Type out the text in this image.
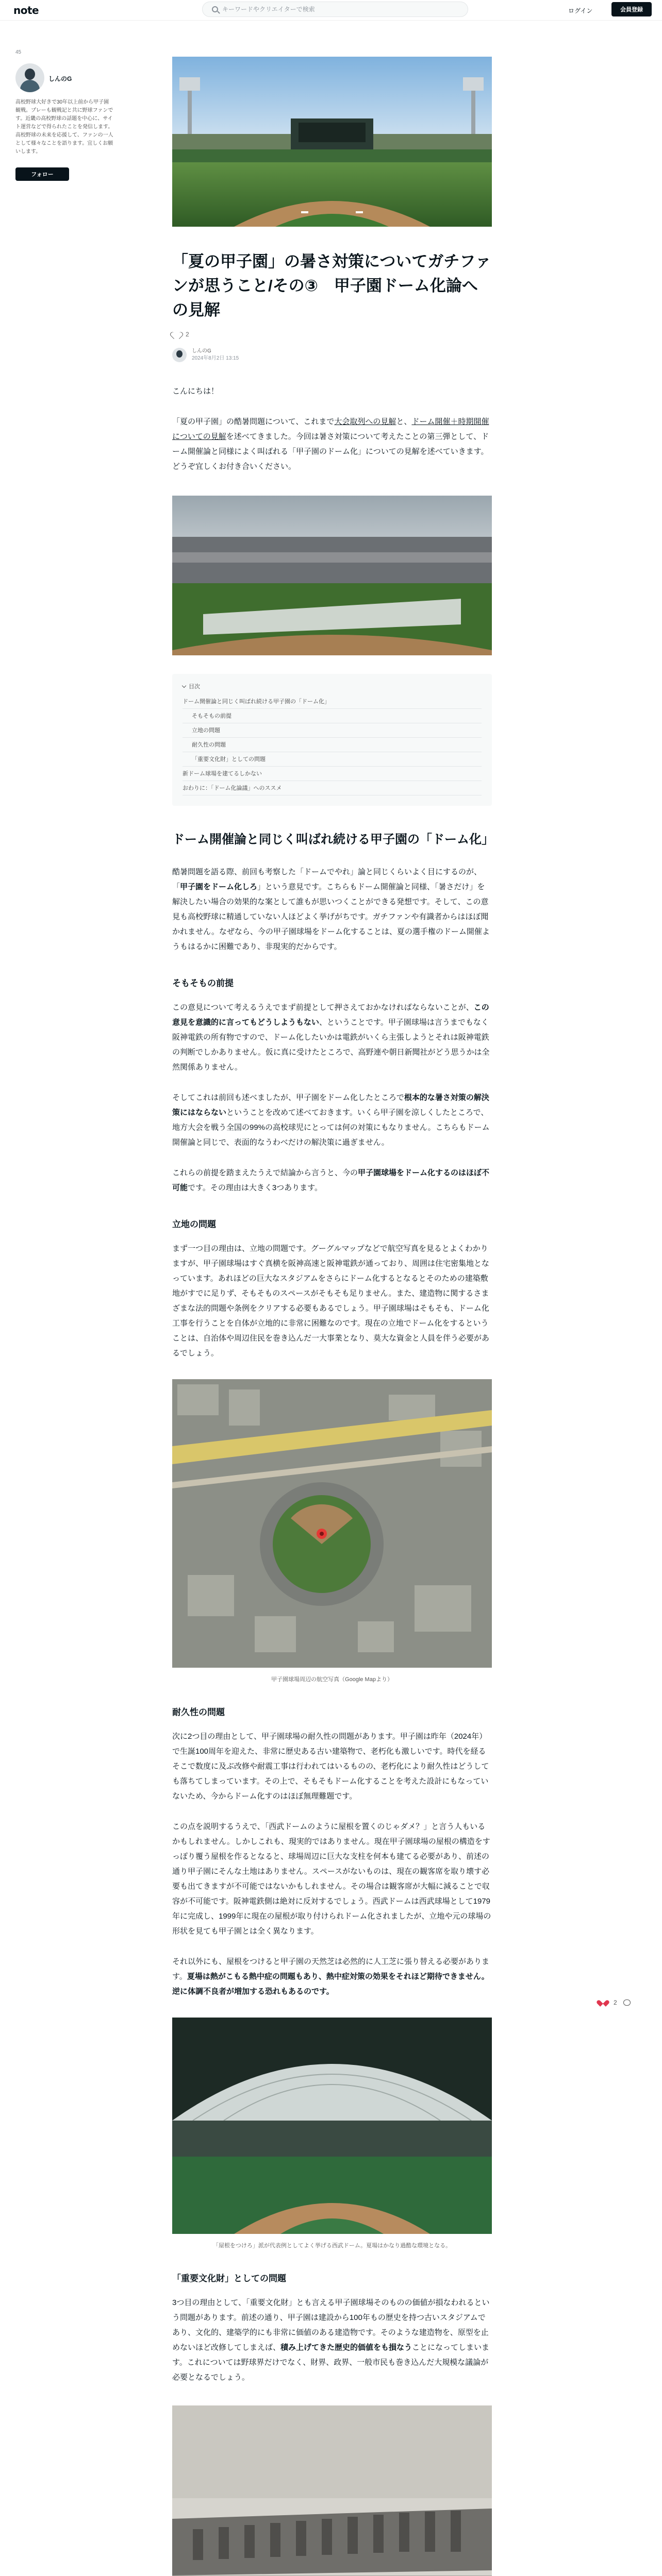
note
キーワードやクリエイターで検索	ログイン	会員登録
45
しんのG
高校野球大好きで30年以上前から甲子園観戦。プレーも観戦記と共に野球ファンです。近畿の高校野球の話題を中心に、サイト運営などで得られたことを発信します。高校野球の未来を応援して、ファンの一人として様々なことを語ります。宜しくお願いします。
フォロー
「夏の甲子園」の暑さ対策についてガチファンが思うこと/その③　甲子園ドーム化論への見解
2
しんのG
2024年8月2日 13:15

こんにちは！

「夏の甲子園」の酷暑問題について、これまで大会取列への見解と、ドーム開催＋時期開催についての見解を述べてきました。今回は暑さ対策について考えたことの第三弾として、ドーム開催論と同様によく叫ばれる「甲子園のドーム化」についての見解を述べていきます。どうぞ宜しくお付き合いください。

目次
ドーム開催論と同じく叫ばれ続ける甲子園の「ドーム化」
そもそもの前提
立地の問題
耐久性の問題
「重要文化財」としての問題
新ドーム球場を建てるしかない
おわりに：「ドーム化論議」へのススメ
ドーム開催論と同じく叫ばれ続ける甲子園の「ドーム化」

酷暑問題を語る際、前回も考察した「ドームでやれ」論と同じくらいよく目にするのが、「甲子園をドーム化しろ」という意見です。こちらもドーム開催論と同様、「暑さだけ」を解決したい場合の効果的な案として誰もが思いつくことができる発想です。そして、この意見も高校野球に精通していない人ほどよく挙げがちです。ガチファンや有識者からはほぼ聞かれません。なぜなら、今の甲子園球場をドーム化することは、夏の選手権のドーム開催ようもはるかに困難であり、非現実的だからです。

そもそもの前提

この意見について考えるうえでまず前提として押さえておかなければならないことが、この意見を意識的に言ってもどうしようもない、ということです。甲子園球場は言うまでもなく阪神電鉄の所有物ですので、ドーム化したいかは電鉄がいくら主張しようとそれは阪神電鉄の判断でしかありません。仮に真に受けたところで、高野連や朝日新聞社がどう思うかは全然関係ありません。

そしてこれは前回も述べましたが、甲子園をドーム化したところで根本的な暑さ対策の解決策にはならないということを改めて述べておきます。いくら甲子園を涼しくしたところで、地方大会を戦う全国の99%の高校球児にとっては何の対策にもなりません。こちらもドーム開催論と同じで、表面的なうわべだけの解決策に過ぎません。

これらの前提を踏まえたうえで結論から言うと、今の甲子園球場をドーム化するのはほぼ不可能です。その理由は大きく3つあります。

立地の問題

まず一つ目の理由は、立地の問題です。グーグルマップなどで航空写真を見るとよくわかりますが、甲子園球場はすぐ真横を阪神高速と阪神電鉄が通っており、周囲は住宅密集地となっています。あれほどの巨大なスタジアムをさらにドーム化するとなるとそのための建築敷地がすでに足りず、そもそものスペースがそもそも足りません。また、建造物に関するさまざまな法的問題や条例をクリアする必要もあるでしょう。甲子園球場はそもそも、ドーム化工事を行うことを自体が立地的に非常に困難なのです。現在の立地でドーム化をするということは、自治体や周辺住民を巻き込んだ一大事業となり、莫大な資金と人員を伴う必要があるでしょう。

甲子園球場周辺の航空写真（Google Mapより）
耐久性の問題

次に2つ目の理由として、甲子園球場の耐久性の問題があります。甲子園は昨年（2024年）で生誕100周年を迎えた、非常に歴史ある古い建築物で、老朽化も激しいです。時代を経るそこで数度に及ぶ改修や耐震工事は行われてはいるものの、老朽化により耐久性はどうしても落ちてしまっています。その上で、そもそもドーム化することを考えた設計にもなっていないため、今からドーム化すのはほぼ無理難題です。

この点を説明するうえで、「西武ドームのように屋根を置くのじゃダメ？」と言う人もいるかもしれません。しかしこれも、現実的ではありません。現在甲子園球場の屋根の構造をすっぽり覆う屋根を作るとなると、球場周辺に巨大な支柱を何本も建てる必要があり、前述の通り甲子園にそんな土地はありません。スペースがないものは、現在の観客席を取り壊す必要も出てきますが不可能ではないかもしれません。その場合は観客席が大幅に減ることで収容が不可能です。阪神電鉄側は絶対に反対するでしょう。西武ドームは西武球場として1979年に完成し、1999年に現在の屋根が取り付けられドーム化されましたが、立地や元の球場の形状を見ても甲子園とは全く異なります。

それ以外にも、屋根をつけると甲子園の天然芝は必然的に人工芝に張り替える必要があります。夏場は熱がこもる熱中症の問題もあり、熱中症対策の効果をそれほど期待できません。逆に体調不良者が増加する恐れもあるのです。

「屋根をつけろ」派が代表例としてよく挙げる西武ドーム。夏場はかなり過酷な環境となる。
「重要文化財」としての問題

3つ目の理由として、「重要文化財」とも言える甲子園球場そのものの価値が損なわれるという問題があります。前述の通り、甲子園は建設から100年もの歴史を持つ古いスタジアムであり、文化的、建築学的にも非常に価値のある建造物です。そのような建造物を、原型を止めないほど改修してしまえば、積み上げてきた歴史的価値をも損なうことになってしまいます。これについては野球界だけでなく、財界、政界、一般市民も巻き込んだ大規模な議論が必要となるでしょう。

2
